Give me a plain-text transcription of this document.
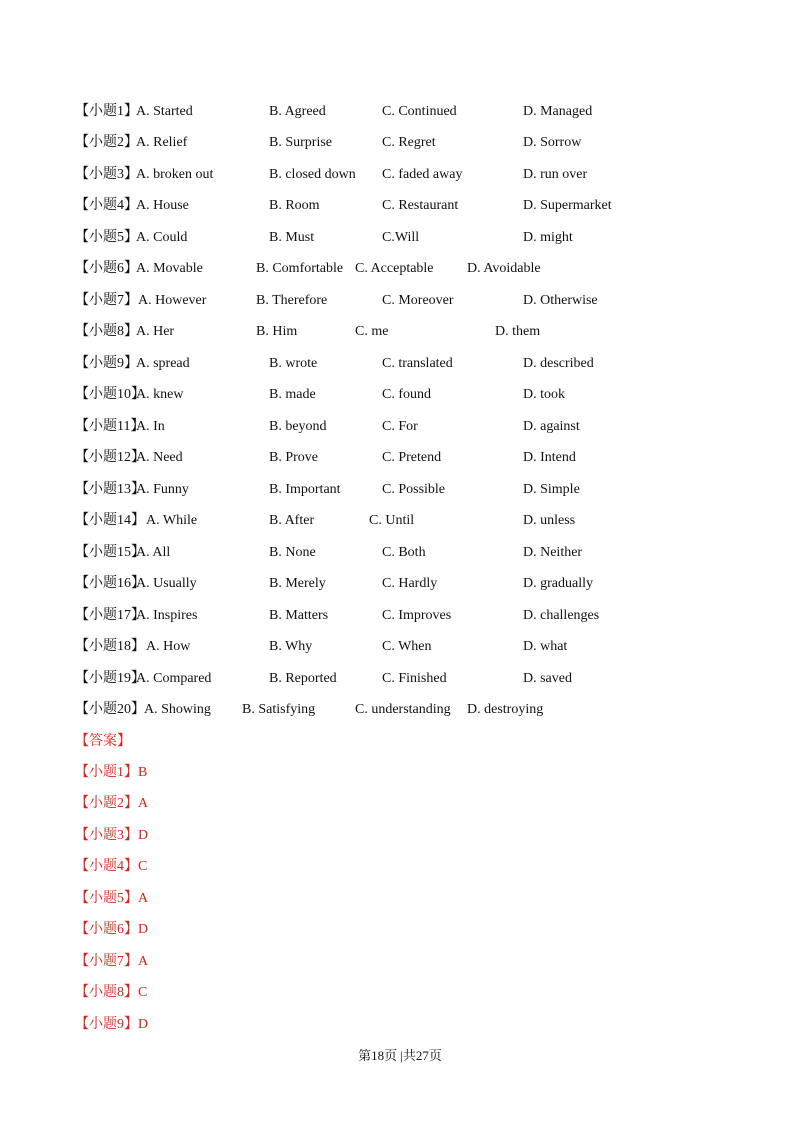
【小题1】
A. Started	B. Agreed	C. Continued	D. Managed
【小题2】
A. Relief	B. Surprise	C. Regret	D. Sorrow
【小题3】
A. broken out	B. closed down C. faded away	D. run over
【小题4】
A. House	B. Room	C. Restaurant	D. Supermarket
【小题5】
A. Could	B. Must	C.Will	D. might
【小题6】
A. Movable	B. Comfortable C. Acceptable D. Avoidable
【小题7】 A. However	B. Therefore	C. Moreover	D. Otherwise
【小题8】
A. Her	B. Him	C. me	D. them
【小题9】
A. spread	B. wrote	C. translated	D. described
【小题10】
A. knew	B. made	C. found	D. took
【小题11】
A. In	B. beyond	C. For	D. against
【小题12】
A. Need	B. Prove	C. Pretend	D. Intend
【小题13】
A. Funny	B. Important	C. Possible	D. Simple
【小题14】 A. While	B. After	C. Until	D. unless
【小题15】
A. All	B. None	C. Both	D. Neither
【小题16】
A. Usually	B. Merely	C. Hardly	D. gradually
【小题17】
A. Inspires	B. Matters	C. Improves	D. challenges
【小题18】 A. How	B. Why	C. When	D. what
【小题19】
A. Compared	B. Reported	C. Finished	D. saved
【小题20】 A. Showing B. Satisfying	C. understanding D. destroying
【答案】
【小题1】B
【小题2】A
【小题3】D
【小题4】C
【小题5】A
【小题6】D
【小题7】A
【小题8】C
【小题9】D
第18页 |共27页
